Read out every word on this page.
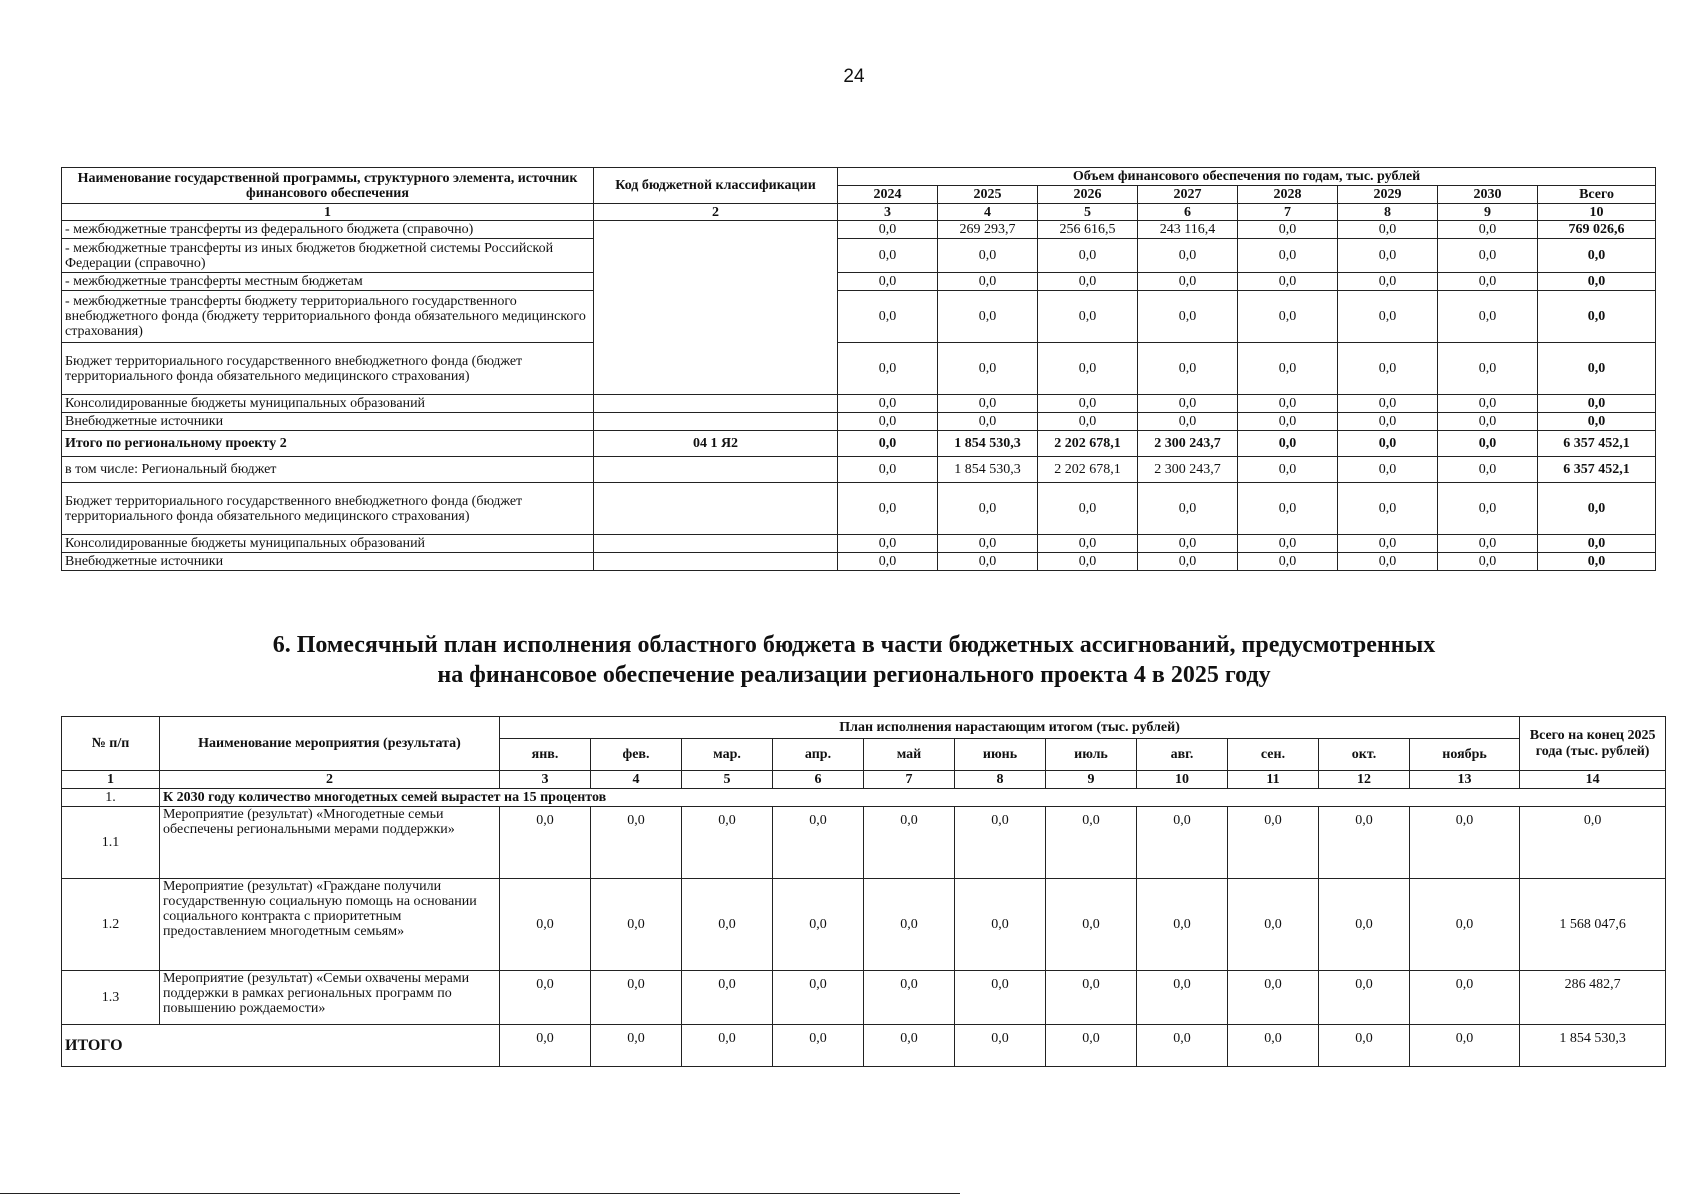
24
Наименование государственной программы, структурного элемента, источник финансового обеспечения	Код бюджетной классификации	Объем финансового обеспечения по годам, тыс. рублей							
		2024	2025	2026	2027	2028	2029	2030	Всего
1	2	3	4	5	6	7	8	9	10
- межбюджетные трансферты из федерального бюджета (справочно)		0,0	269 293,7	256 616,5	243 116,4	0,0	0,0	0,0	769 026,6
- межбюджетные трансферты из иных бюджетов бюджетной системы Российской Федерации (справочно)		0,0	0,0	0,0	0,0	0,0	0,0	0,0	0,0
- межбюджетные трансферты местным бюджетам		0,0	0,0	0,0	0,0	0,0	0,0	0,0	0,0
- межбюджетные трансферты бюджету территориального государственного внебюджетного фонда (бюджету территориального фонда обязательного медицинского страхования)		0,0	0,0	0,0	0,0	0,0	0,0	0,0	0,0
Бюджет территориального государственного внебюджетного фонда (бюджет территориального фонда обязательного медицинского страхования)		0,0	0,0	0,0	0,0	0,0	0,0	0,0	0,0
Консолидированные бюджеты муниципальных образований		0,0	0,0	0,0	0,0	0,0	0,0	0,0	0,0
Внебюджетные источники		0,0	0,0	0,0	0,0	0,0	0,0	0,0	0,0
Итого по региональному проекту 2	04 1 Я2	0,0	1 854 530,3	2 202 678,1	2 300 243,7	0,0	0,0	0,0	6 357 452,1
в том числе: Региональный бюджет		0,0	1 854 530,3	2 202 678,1	2 300 243,7	0,0	0,0	0,0	6 357 452,1
Бюджет территориального государственного внебюджетного фонда (бюджет территориального фонда обязательного медицинского страхования)		0,0	0,0	0,0	0,0	0,0	0,0	0,0	0,0
Консолидированные бюджеты муниципальных образований		0,0	0,0	0,0	0,0	0,0	0,0	0,0	0,0
Внебюджетные источники		0,0	0,0	0,0	0,0	0,0	0,0	0,0	0,0
6. Помесячный план исполнения областного бюджета в части бюджетных ассигнований, предусмотренных
на финансовое обеспечение реализации регионального проекта 4 в 2025 году
№ п/п	Наименование мероприятия (результата)	План исполнения нарастающим итогом (тыс. рублей)											Всего на конец 2025 года (тыс. рублей)
		янв.	фев.	мар.	апр.	май	июнь	июль	авг.	сен.	окт.	ноябрь	
1	2	3	4	5	6	7	8	9	10	11	12	13	14
1.	К 2030 году количество многодетных семей вырастет на 15 процентов												
1.1	Мероприятие (результат) «Многодетные семьи обеспечены региональными мерами поддержки»	0,0	0,0	0,0	0,0	0,0	0,0	0,0	0,0	0,0	0,0	0,0	0,0
1.2	Мероприятие (результат) «Граждане получили государственную социальную помощь на основании социального контракта с приоритетным предоставлением многодетным семьям»	0,0	0,0	0,0	0,0	0,0	0,0	0,0	0,0	0,0	0,0	0,0	1 568 047,6
1.3	Мероприятие (результат) «Семьи охвачены мерами поддержки в рамках региональных программ по повышению рождаемости»	0,0	0,0	0,0	0,0	0,0	0,0	0,0	0,0	0,0	0,0	0,0	286 482,7
ИТОГО		0,0	0,0	0,0	0,0	0,0	0,0	0,0	0,0	0,0	0,0	0,0	1 854 530,3
